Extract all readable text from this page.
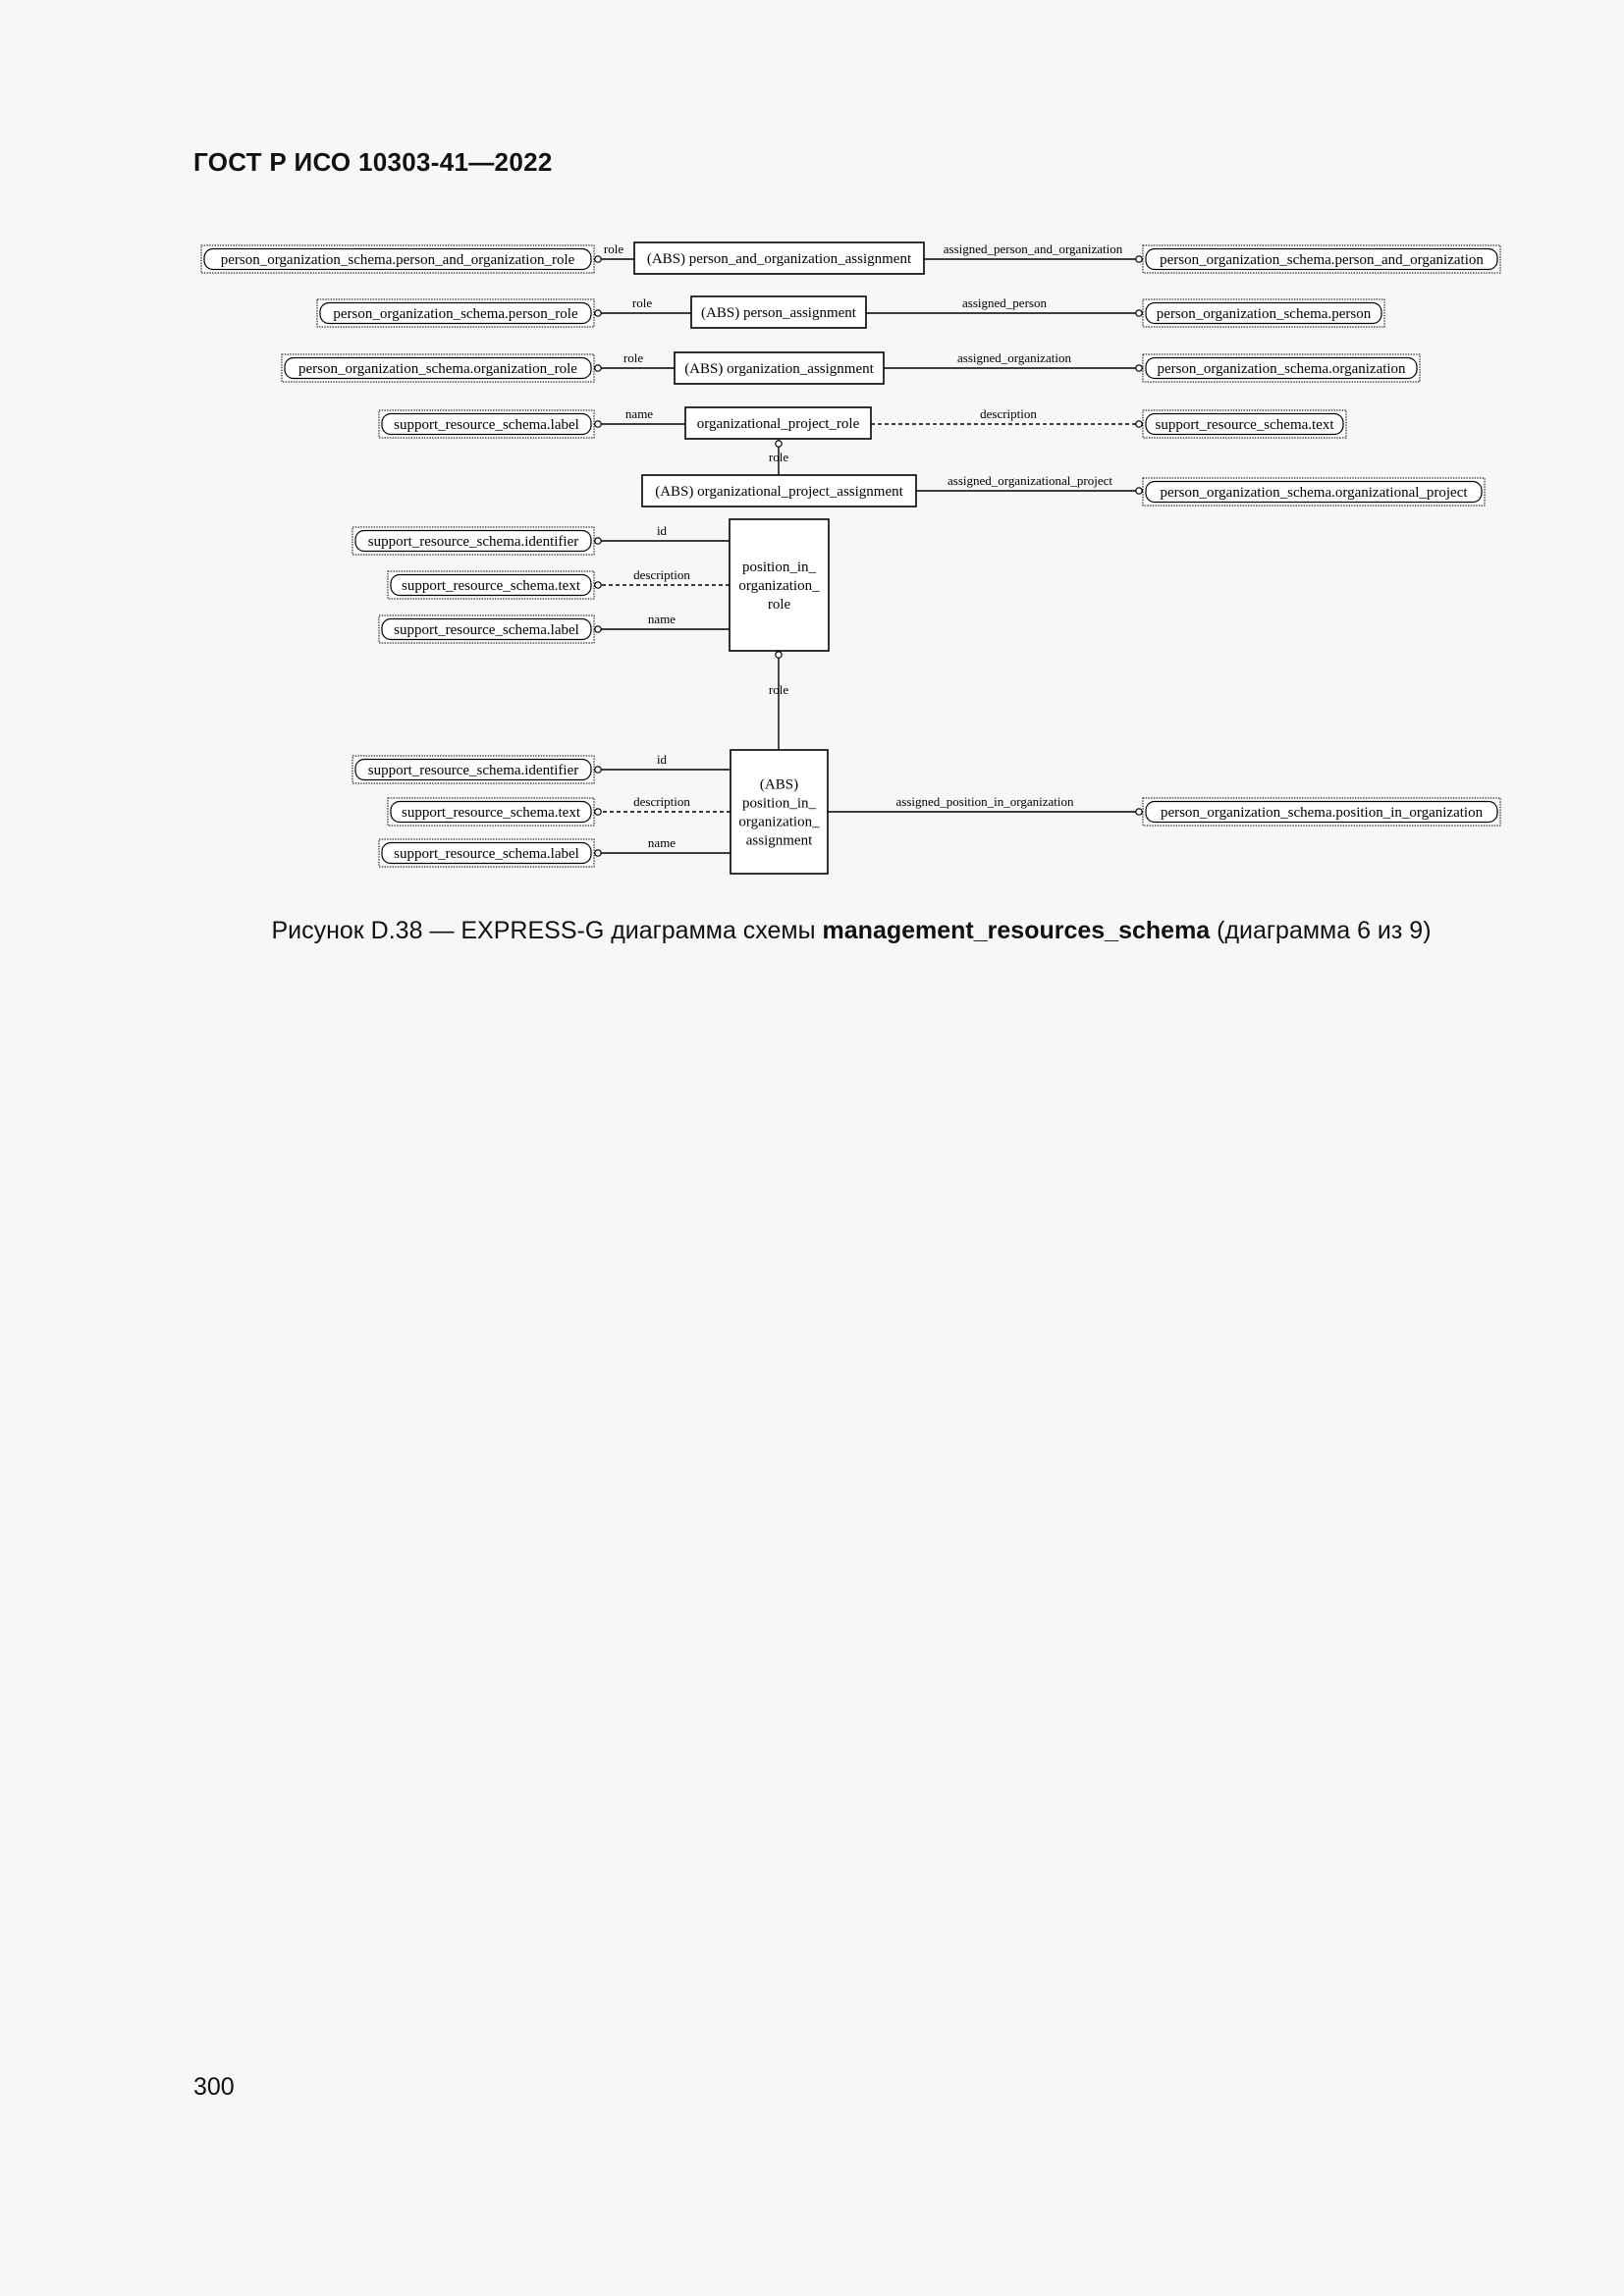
ГОСТ Р ИСО 10303-41—2022
(ABS) person_and_organization_assignment
(ABS) person_assignment
(ABS) organization_assignment
organizational_project_role
(ABS) organizational_project_assignment
position_in_
organization_
role
(ABS)
position_in_
organization_
assignment
person_organization_schema.person_and_organization_role	person_organization_schema.person_and_organization
person_organization_schema.person_role	person_organization_schema.person
person_organization_schema.organization_role	person_organization_schema.organization
support_resource_schema.label	support_resource_schema.text
person_organization_schema.organizational_project
support_resource_schema.identifier
support_resource_schema.text
support_resource_schema.label
support_resource_schema.identifier
support_resource_schema.text
support_resource_schema.label
person_organization_schema.position_in_organization
role	assigned_person_and_organization
role	assigned_person
role	assigned_organization
name	description
role
assigned_organizational_project
id
description
name
role
id
description
name
assigned_position_in_organization
Рисунок D.38 — EXPRESS-G диаграмма схемы management_resources_schema (диаграмма 6 из 9)
300
